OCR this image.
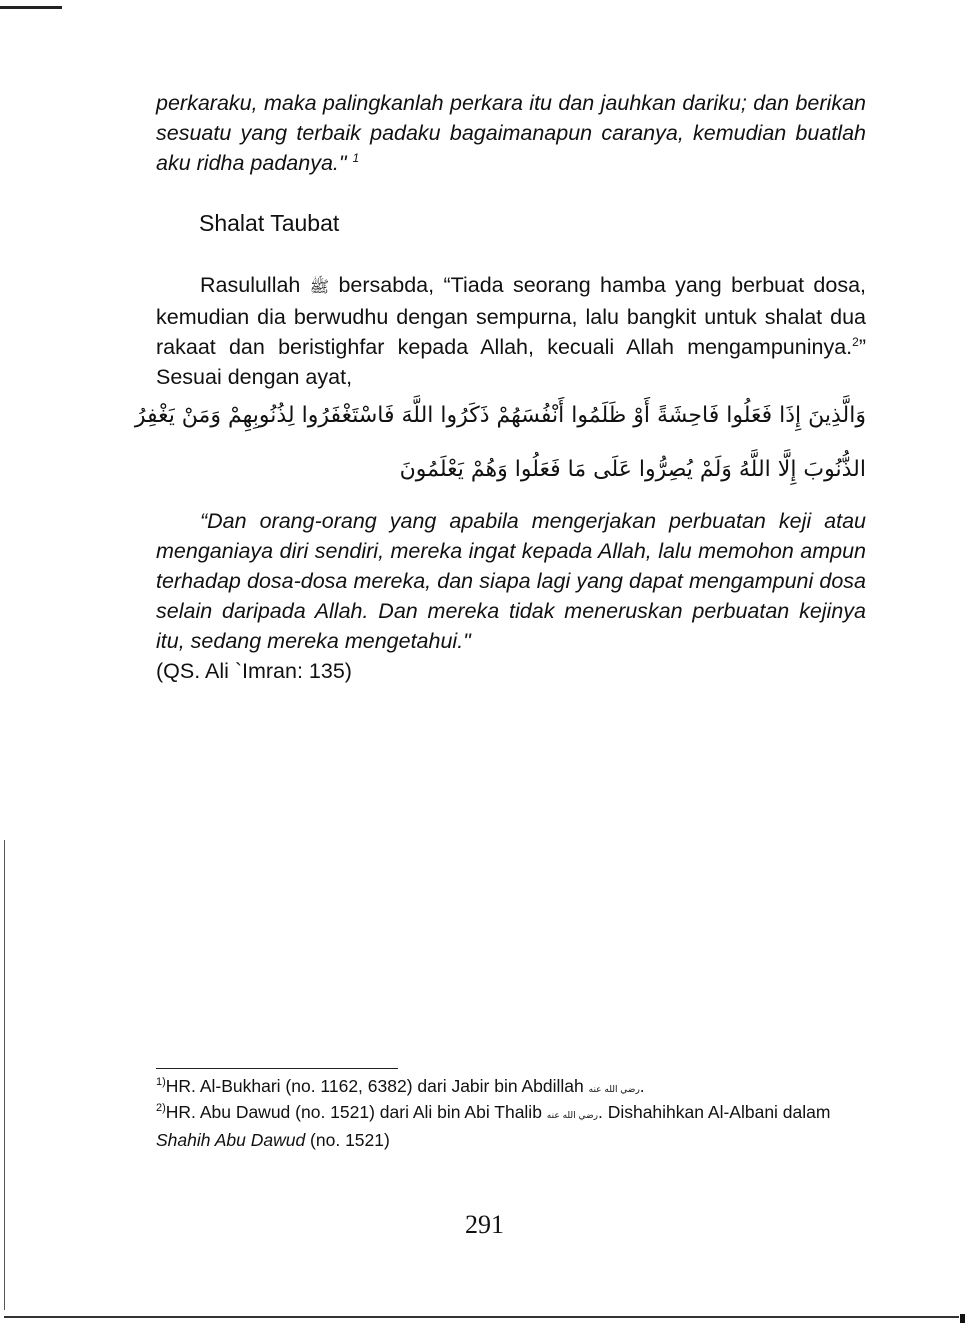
perkaraku, maka palingkanlah perkara itu dan jauhkan dariku; dan berikan sesuatu yang terbaik padaku bagaimanapun caranya, kemudian buatlah aku ridha padanya." $^1$

Shalat Taubat

Rasulullah ﷺ bersabda, “Tiada seorang hamba yang berbuat dosa, kemudian dia berwudhu dengan sempurna, lalu bangkit untuk shalat dua rakaat dan beristighfar kepada Allah, kecuali Allah mengampuninya.$^2$” Sesuai dengan ayat,

وَالَّذِينَ إِذَا فَعَلُوا فَاحِشَةً أَوْ ظَلَمُوا أَنْفُسَهُمْ ذَكَرُوا اللَّهَ فَاسْتَغْفَرُوا لِذُنُوبِهِمْ وَمَنْ يَغْفِرُ
الذُّنُوبَ إِلَّا اللَّهُ وَلَمْ يُصِرُّوا عَلَى مَا فَعَلُوا وَهُمْ يَعْلَمُونَ

“Dan orang-orang yang apabila mengerjakan perbuatan keji atau menganiaya diri sendiri, mereka ingat kepada Allah, lalu memohon ampun terhadap dosa-dosa mereka, dan siapa lagi yang dapat mengampuni dosa selain daripada Allah. Dan mereka tidak meneruskan perbuatan kejinya itu, sedang mereka mengetahui."

(QS. Ali `Imran: 135)

$^{1)}$HR. Al-Bukhari (no. 1162, 6382) dari Jabir bin Abdillah رضي الله عنه.

$^{2)}$HR. Abu Dawud (no. 1521) dari Ali bin Abi Thalib رضي الله عنه. Dishahihkan Al-Albani dalam Shahih Abu Dawud (no. 1521)

291
